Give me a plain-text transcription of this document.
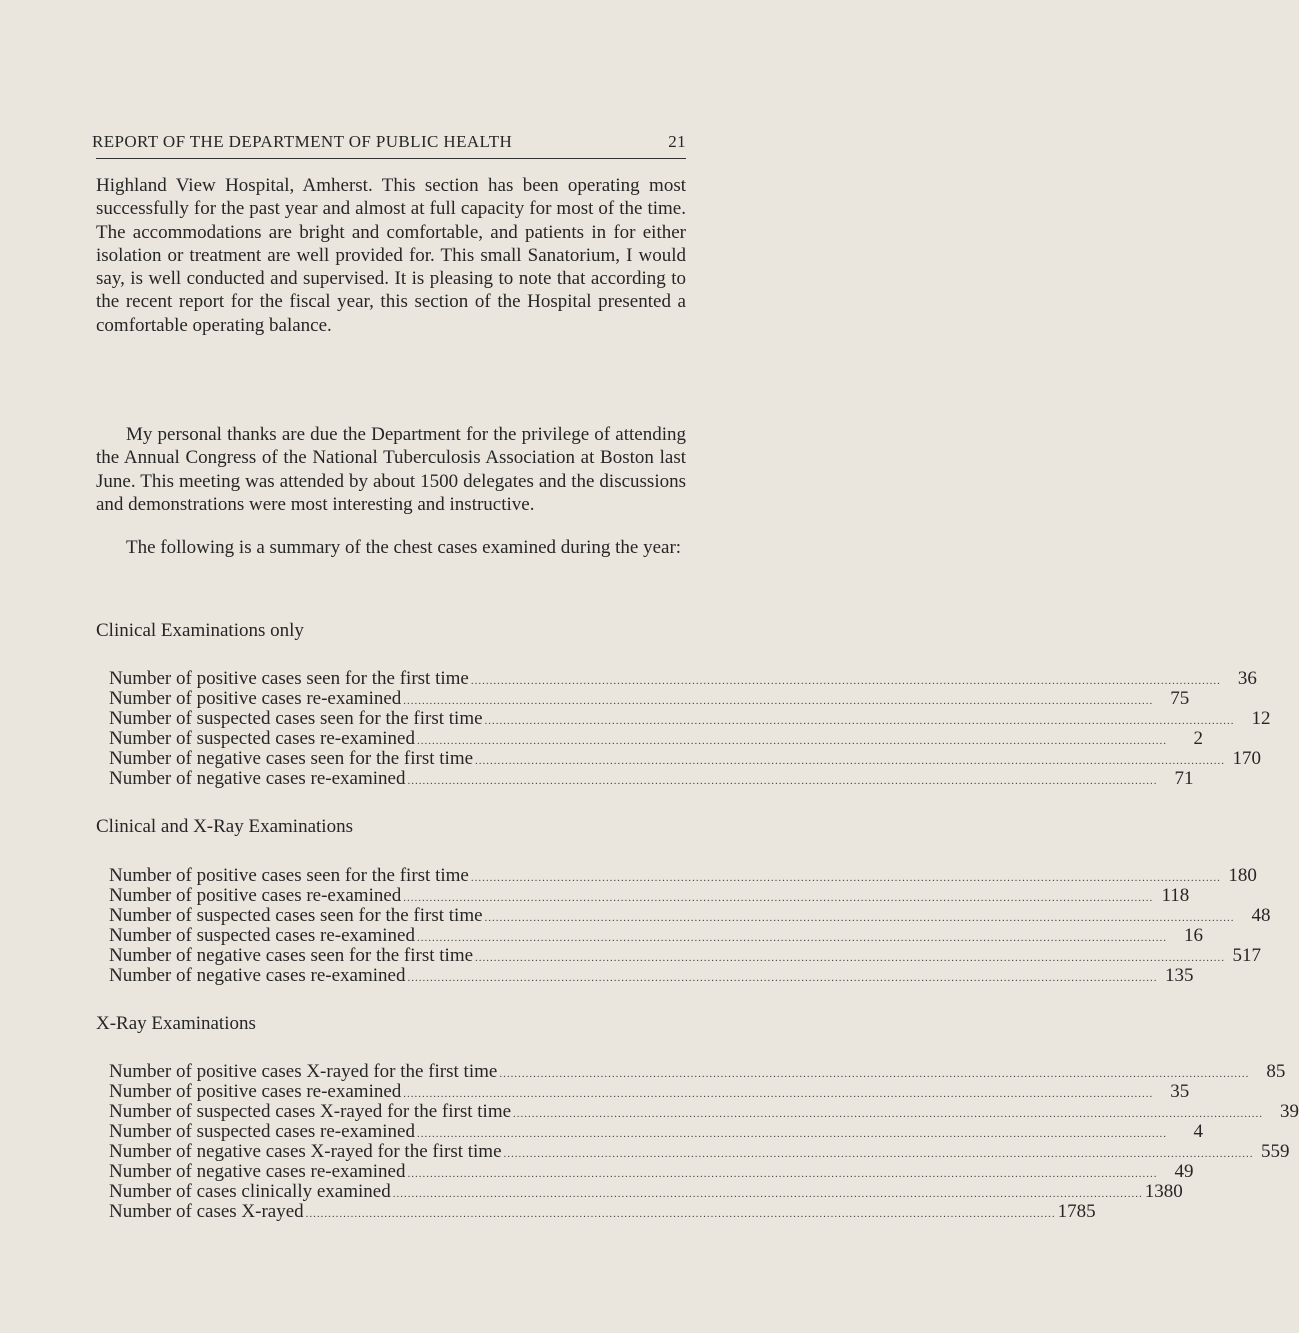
REPORT OF THE DEPARTMENT OF PUBLIC HEALTH	21

Highland View Hospital, Amherst. This section has been operating most successfully for the past year and almost at full capacity for most of the time. The accommodations are bright and comfortable, and patients in for either isolation or treatment are well provided for. This small Sanatorium, I would say, is well conducted and supervised. It is pleasing to note that according to the recent report for the fiscal year, this section of the Hospital presented a comfortable operating balance.

My personal thanks are due the Department for the privilege of attending the Annual Congress of the National Tuberculosis Association at Boston last June. This meeting was attended by about 1500 delegates and the discussions and demonstrations were most interesting and instructive.

The following is a summary of the chest cases examined during the year:

Clinical Examinations only
Number of positive cases seen for the first time ........................................................................................................................................................................................................ 36
Number of positive cases re-examined ........................................................................................................................................................................................................ 75
Number of suspected cases seen for the first time ........................................................................................................................................................................................................ 12
Number of suspected cases re-examined ........................................................................................................................................................................................................	2
Number of negative cases seen for the first time ........................................................................................................................................................................................................ 170
Number of negative cases re-examined ........................................................................................................................................................................................................ 71
Clinical and X-Ray Examinations
Number of positive cases seen for the first time ........................................................................................................................................................................................................ 180
Number of positive cases re-examined ........................................................................................................................................................................................................ 118
Number of suspected cases seen for the first time ........................................................................................................................................................................................................ 48
Number of suspected cases re-examined ........................................................................................................................................................................................................ 16
Number of negative cases seen for the first time ........................................................................................................................................................................................................ 517
Number of negative cases re-examined ........................................................................................................................................................................................................ 135
X-Ray Examinations
Number of positive cases X-rayed for the first time ........................................................................................................................................................................................................ 85
Number of positive cases re-examined ........................................................................................................................................................................................................ 35
Number of suspected cases X-rayed for the first time ........................................................................................................................................................................................................ 39
Number of suspected cases re-examined ........................................................................................................................................................................................................	4
Number of negative cases X-rayed for the first time ........................................................................................................................................................................................................ 559
Number of negative cases re-examined ........................................................................................................................................................................................................ 49
Number of cases clinically examined ........................................................................................................................................................................................................ 1380
Number of cases X-rayed ........................................................................................................................................................................................................ 1785
